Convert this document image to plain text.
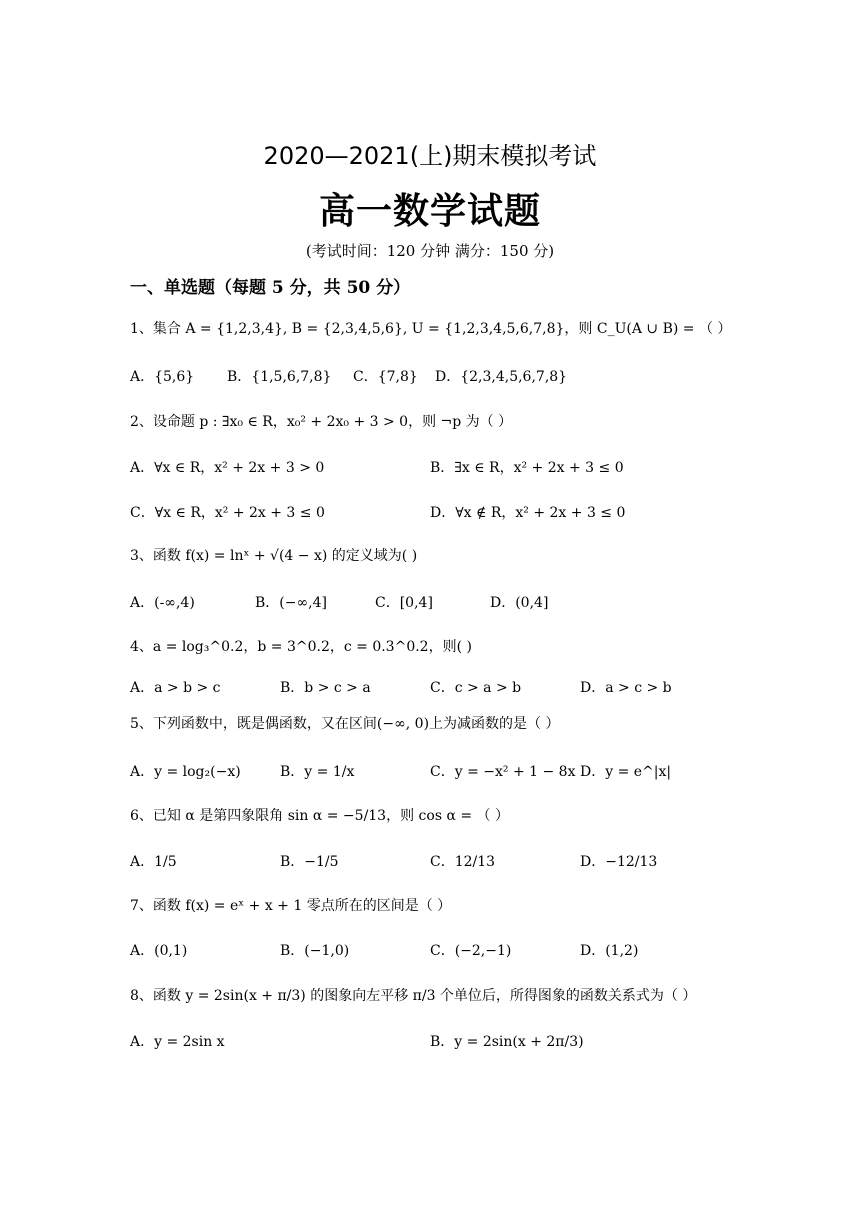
2020—2021(上)期末模拟考试
高一数学试题
(考试时间：120 分钟 满分：150 分)
一、单选题（每题 5 分，共 50 分）
1、集合 A = {1,2,3,4}, B = {2,3,4,5,6}, U = {1,2,3,4,5,6,7,8}，则 C_U(A ∪ B) = （ ）
A．{5,6} B．{1,5,6,7,8} C．{7,8} D．{2,3,4,5,6,7,8}
2、设命题 p : ∃x₀ ∈ R，x₀² + 2x₀ + 3 > 0，则 ¬p 为（ ）
A．∀x ∈ R，x² + 2x + 3 > 0	B．∃x ∈ R，x² + 2x + 3 ≤ 0
C．∀x ∈ R，x² + 2x + 3 ≤ 0	D．∀x ∉ R，x² + 2x + 3 ≤ 0
3、函数 f(x) = lnˣ + √(4 − x) 的定义域为( )
A．(-∞,4)	B．(−∞,4]	C．[0,4]	D．(0,4]
4、a = log₃^0.2，b = 3^0.2，c = 0.3^0.2，则( )
A．a > b > c	B．b > c > a	C．c > a > b	D．a > c > b
5、下列函数中，既是偶函数，又在区间(−∞, 0)上为减函数的是（ ）
A．y = log₂(−x)	B．y = 1/x	C．y = −x² + 1 − 8x D．y = e^|x|
6、已知 α 是第四象限角 sin α = −5/13，则 cos α = （ ）
A．1/5	B．−1/5	C．12/13	D．−12/13
7、函数 f(x) = eˣ + x + 1 零点所在的区间是（ ）
A．(0,1)	B．(−1,0)	C．(−2,−1)	D．(1,2)
8、函数 y = 2sin(x + π/3) 的图象向左平移 π/3 个单位后，所得图象的函数关系式为（ ）
A．y = 2sin x	B．y = 2sin(x + 2π/3)
